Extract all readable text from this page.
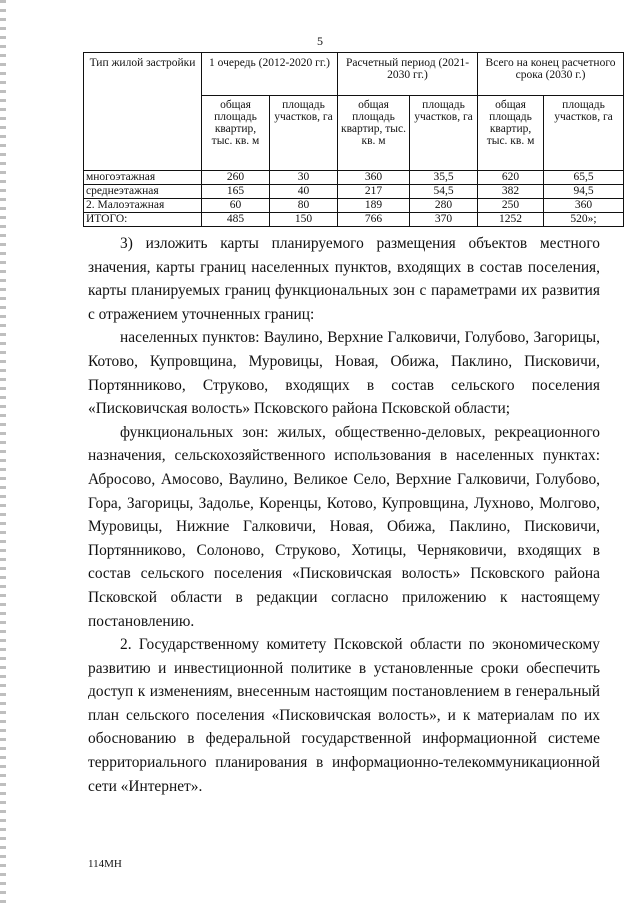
5
Тип жилой застройки	1 очередь (2012-2020 гг.)		Расчетный период (2021-2030 гг.)		Всего на конец расчетного срока (2030 г.)	
	общая площадь квартир, тыс. кв. м	площадь участков, га	общая площадь квартир, тыс. кв. м	площадь участков, га	общая площадь квартир, тыс. кв. м	площадь участков, га
многоэтажная	260	30	360	35,5	620	65,5
среднеэтажная	165	40	217	54,5	382	94,5
2. Малоэтажная	60	80	189	280	250	360
ИТОГО:	485	150	766	370	1252	520»;

3) изложить карты планируемого размещения объектов местного значения, карты границ населенных пунктов, входящих в состав поселения, карты планируемых границ функциональных зон с параметрами их развития с отражением уточненных границ:

населенных пунктов: Ваулино, Верхние Галковичи, Голубово, Загорицы, Котово, Купровщина, Муровицы, Новая, Обижа, Паклино, Писковичи, Портянниково, Струково, входящих в состав сельского поселения «Писковичская волость» Псковского района Псковской области;

функциональных зон: жилых, общественно-деловых, рекреационного назначения, сельскохозяйственного использования в населенных пунктах: Абросово, Амосово, Ваулино, Великое Село, Верхние Галковичи, Голубово, Гора, Загорицы, Задолье, Коренцы, Котово, Купровщина, Лухново, Молгово, Муровицы, Нижние Галковичи, Новая, Обижа, Паклино, Писковичи, Портянниково, Солоново, Струково, Хотицы, Черняковичи, входящих в состав сельского поселения «Писковичская волость» Псковского района Псковской области в редакции согласно приложению к настоящему постановлению.

2. Государственному комитету Псковской области по экономическому развитию и инвестиционной политике в установленные сроки обеспечить доступ к изменениям, внесенным настоящим постановлением в генеральный план сельского поселения «Писковичская волость», и к материалам по их обоснованию в федеральной государственной информационной системе территориального планирования в информационно-телекоммуникационной сети «Интернет».

114МН
